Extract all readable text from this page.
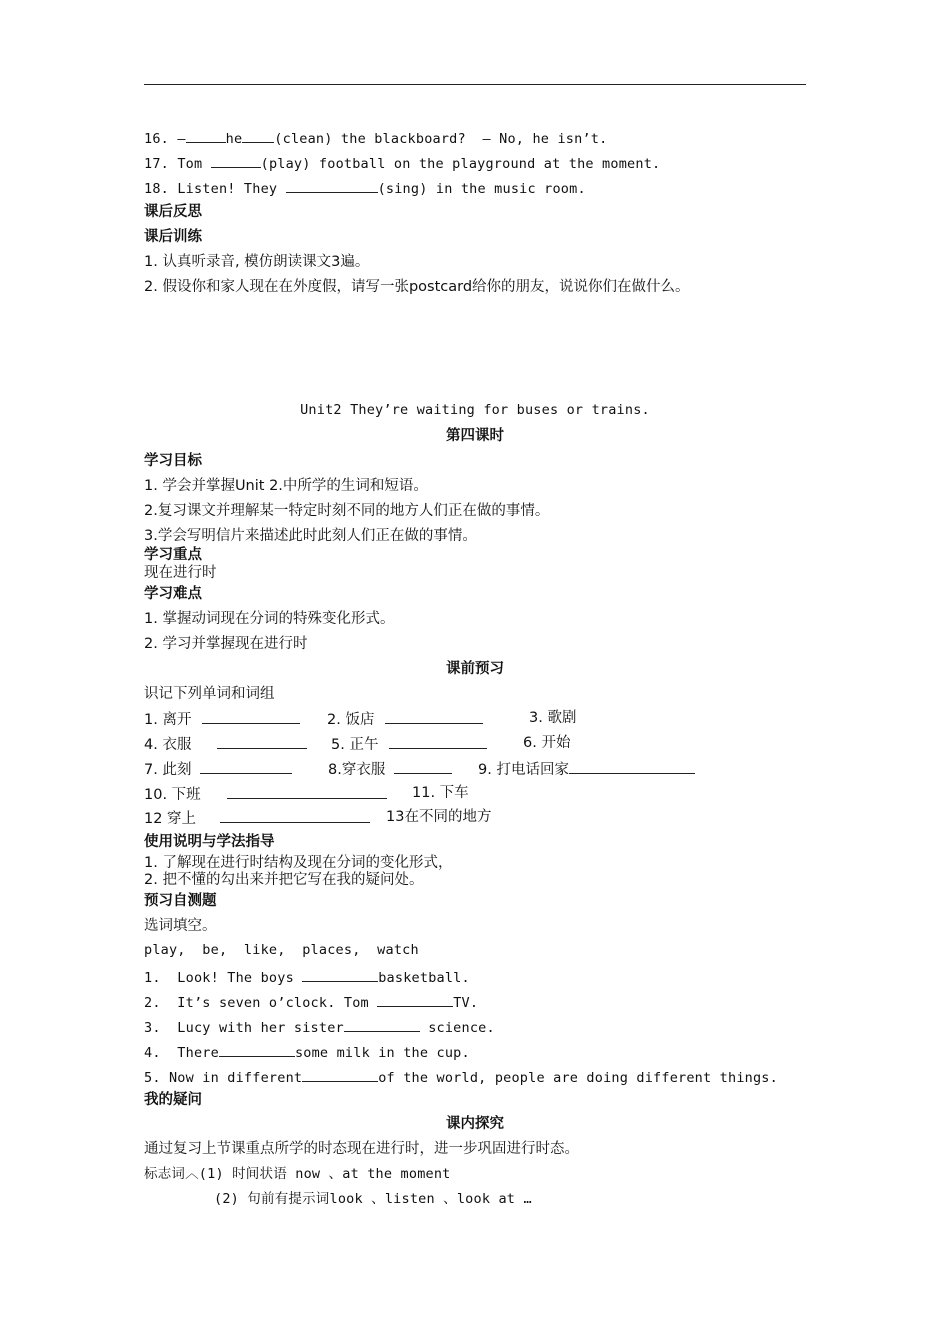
16. —	he (clean) the blackboard? — No, he isn’t.
17. Tom	(play) football on the playground at the moment.
18. Listen! They	(sing) in the music room.
课后反思
课后训练
1. 认真听录音, 模仿朗读课文3遍。
2. 假设你和家人现在在外度假，请写一张postcard给你的朋友，说说你们在做什么。
Unit2 They’re waiting for buses or trains.
第四课时
学习目标
1. 学会并掌握Unit 2.中所学的生词和短语。
2.复习课文并理解某一特定时刻不同的地方人们正在做的事情。
3.学会写明信片来描述此时此刻人们正在做的事情。
学习重点
现在进行时
学习难点
1. 掌握动词现在分词的特殊变化形式。
2. 学习并掌握现在进行时
课前预习
识记下列单词和词组
1. 离开	2. 饭店	3. 歌剧
4. 衣服	5. 正午	6. 开始
7. 此刻	8.穿衣服	9. 打电话回家
10. 下班	11. 下车
12 穿上	13在不同的地方
使用说明与学法指导
1. 了解现在进行时结构及现在分词的变化形式，
2. 把不懂的勾出来并把它写在我的疑问处。
预习自测题
选词填空。
play,  be,  like,  places,  watch
1.  Look! The boys	basketball.
2.  It’s seven o’clock. Tom	TV.
3.  Lucy with her sister	science.
4.  There	some milk in the cup.
5. Now in different	of the world, people are doing different things.
我的疑问
课内探究
通过复习上节课重点所学的时态现在进行时，进一步巩固进行时态。
标志词︿(1) 时间状语 now 、at the moment
(2) 句前有提示词look 、listen 、look at …
